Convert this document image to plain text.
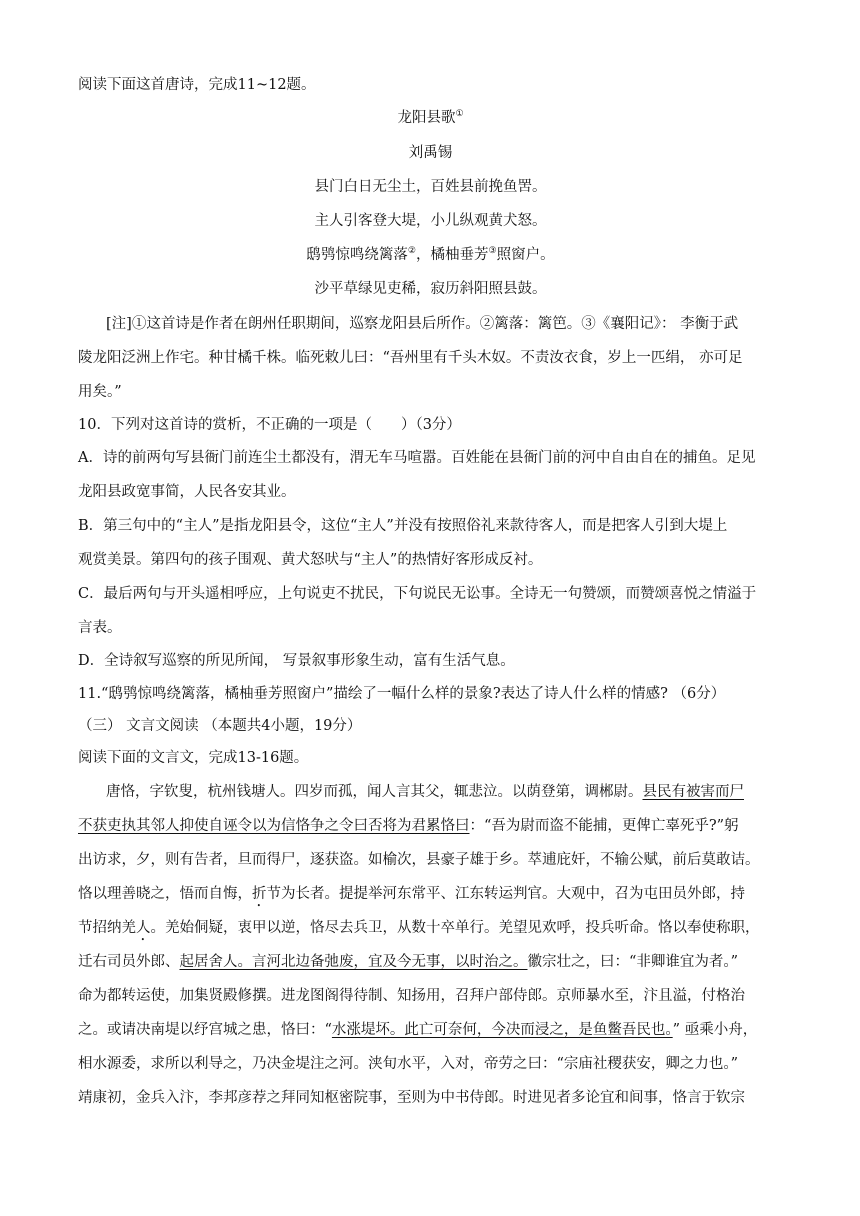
阅读下面这首唐诗，完成11~12题。
龙阳县歌①
刘禹锡
县门白日无尘土，百姓县前挽鱼罟。
主人引客登大堤，小儿纵观黄犬怒。
鸱鸮惊鸣绕篱落②，橘柚垂芳③照窗户。
沙平草绿见吏稀，寂历斜阳照县鼓。
[注]①这首诗是作者在朗州任职期间，巡察龙阳县后所作。②篱落：篱笆。③《襄阳记》： 李衡于武
陵龙阳泛洲上作宅。种甘橘千株。临死敕儿曰：“吾州里有千头木奴。不责汝衣食，岁上一匹绢， 亦可足
用矣。”
10．下列对这首诗的赏析，不正确的一项是（　　）（3分）
A．诗的前两句写县衙门前连尘土都没有，渭无车马喧嚣。百姓能在县衙门前的河中自由自在的捕鱼。足见
龙阳县政宽事简，人民各安其业。
B．第三句中的“主人”是指龙阳县令，这位“主人”并没有按照俗礼来款待客人，而是把客人引到大堤上
观赏美景。第四句的孩子围观、黄犬怒吠与“主人”的热情好客形成反衬。
C．最后两句与开头遥相呼应，上句说吏不扰民，下句说民无讼事。全诗无一句赞颂，而赞颂喜悦之情溢于
言表。
D．全诗叙写巡察的所见所闻， 写景叙事形象生动，富有生活气息。
11.“鸱鸮惊鸣绕篱落，橘柚垂芳照窗户”描绘了一幅什么样的景象?表达了诗人什么样的情感? （6分）
（三） 文言文阅读 （本题共4小题，19分）
阅读下面的文言文，完成13-16题。
唐恪，字钦叟，杭州钱塘人。四岁而孤，闻人言其父，辄悲泣。以荫登第，调郴尉。县民有被害而尸
不获吏执其邻人抑使自诬令以为信恪争之令曰否将为君累恪曰：“吾为尉而盗不能捕，更俾亡辜死乎?”躬
出访求，夕，则有告者，旦而得尸，逐获盗。如榆次，县豪子雄于乡。萃逋庇奸，不输公赋，前后莫敢诘。
恪以理善晓之，悟而自悔，折节为长者。提提举河东常平、江东转运判官。大观中，召为屯田员外郎，持
节招纳羌人。羌始侗疑，衷甲以逆，恪尽去兵卫，从数十卒单行。羌望见欢呼，投兵听命。恪以奉使称职，
迁右司员外郎、起居舍人。言河北边备弛废，宜及今无事，以时治之。徽宗壮之，曰：“非卿谁宜为者。”
命为都转运使，加集贤殿修撰。进龙图阁得待制、知扬用，召拜户部侍郎。京师暴水至，汴且溢，付格治
之。或请决南堤以纾宫城之患，恪曰：“水涨堤坏。此亡可奈何，今决而浸之，是鱼鳖吾民也。” 亟乘小舟，
相水源委，求所以利导之，乃决金堤注之河。浃旬水平，入对，帝劳之曰：“宗庙社稷获安，卿之力也。”
靖康初，金兵入汴，李邦彦荐之拜同知枢密院事，至则为中书侍郎。时进见者多论宜和间事，恪言于钦宗
